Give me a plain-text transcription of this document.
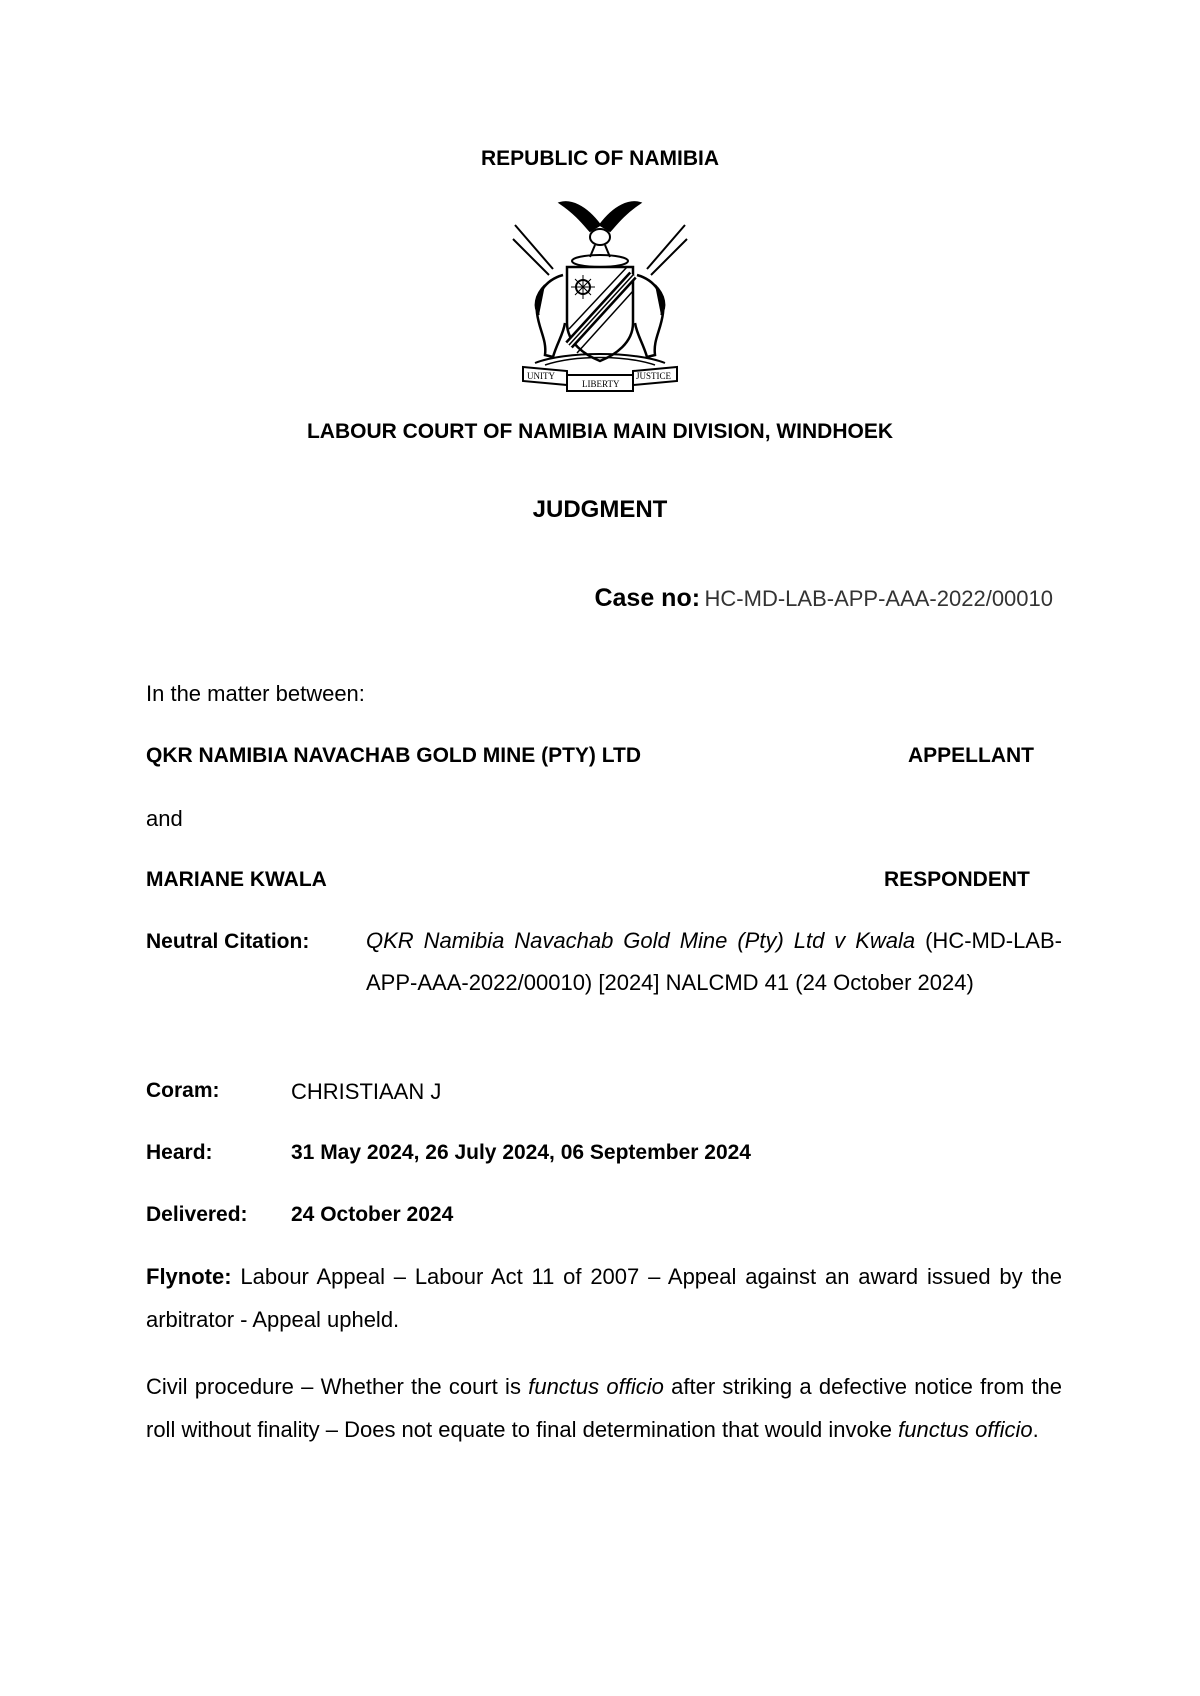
REPUBLIC OF NAMIBIA
UNITY
LIBERTY
JUSTICE
LABOUR COURT OF NAMIBIA MAIN DIVISION, WINDHOEK
JUDGMENT
Case no: HC-MD-LAB-APP-AAA-2022/00010
In the matter between:
QKR NAMIBIA NAVACHAB GOLD MINE (PTY) LTD	APPELLANT
and
MARIANE KWALA	RESPONDENT
Neutral Citation:	QKR Namibia Navachab Gold Mine (Pty) Ltd v Kwala (HC-MD-LAB-APP-AAA-2022/00010) [2024] NALCMD 41 (24 October 2024)
Coram:	CHRISTIAAN J
Heard:	31 May 2024, 26 July 2024, 06 September 2024
Delivered: 24 October 2024
Flynote: Labour Appeal – Labour Act 11 of 2007 – Appeal against an award issued by the arbitrator - Appeal upheld.
Civil procedure – Whether the court is functus officio after striking a defective notice from the roll without finality – Does not equate to final determination that would invoke functus officio.
